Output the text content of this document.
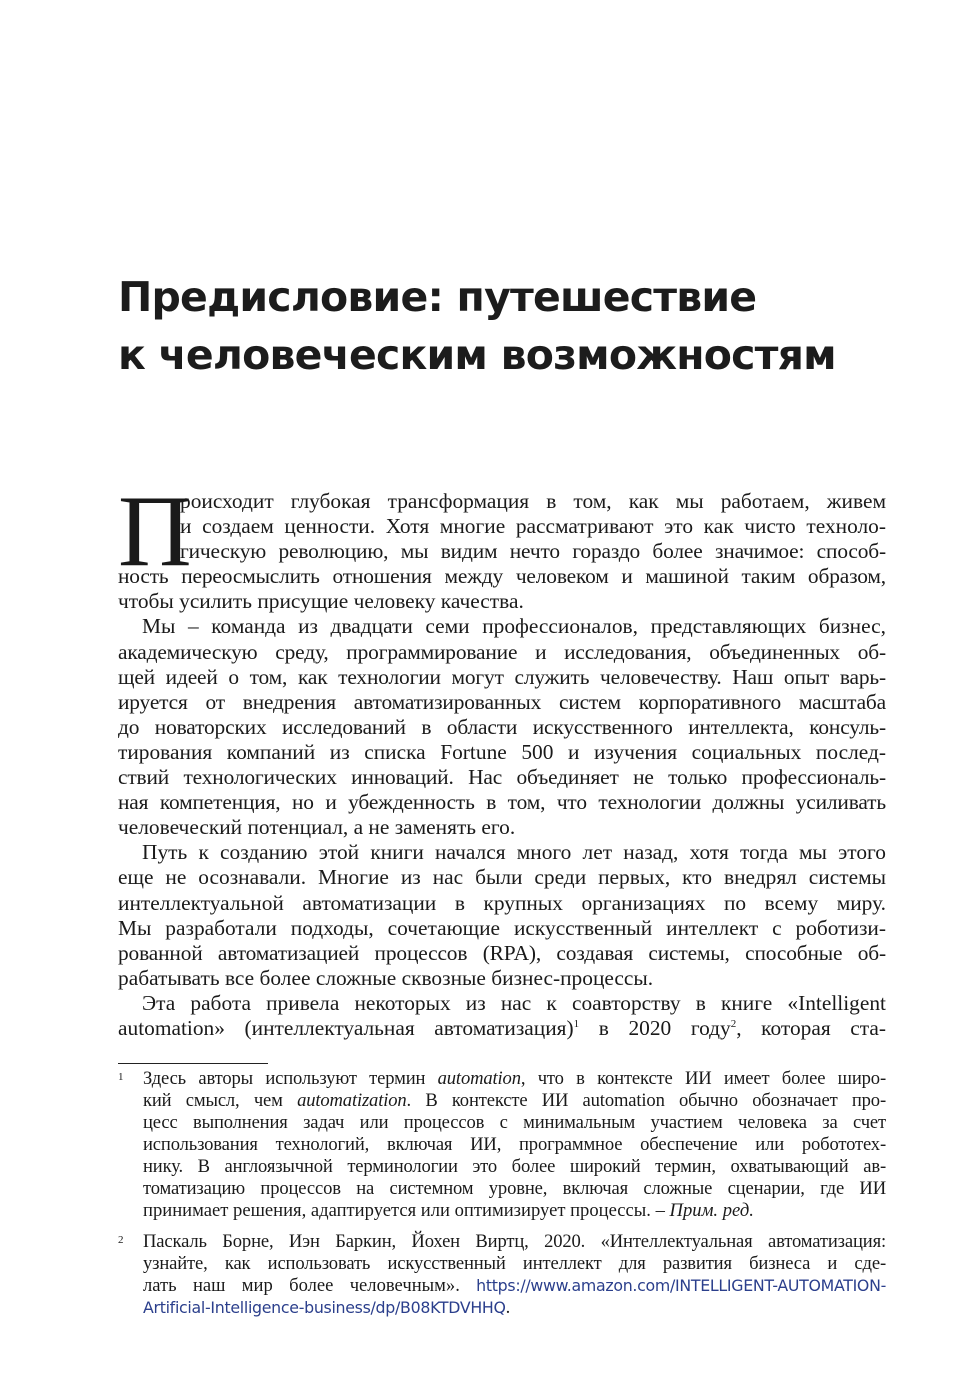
Предисловие: путешествие
к человеческим возможностям
П
роисходит глубокая трансформация в том, как мы работаем, живем
и создаем ценности. Хотя многие рассматривают это как чисто техноло-
гическую революцию, мы видим нечто гораздо более значимое: способ-
ность переосмыслить отношения между человеком и машиной таким образом,
чтобы усилить присущие человеку качества.
Мы – команда из двадцати семи профессионалов, представляющих бизнес,
академическую среду, программирование и исследования, объединенных об-
щей идеей о том, как технологии могут служить человечеству. Наш опыт варь-
ируется от внедрения автоматизированных систем корпоративного масштаба
до новаторских исследований в области искусственного интеллекта, консуль-
тирования компаний из списка Fortune 500 и изучения социальных послед-
ствий технологических инноваций. Нас объединяет не только профессиональ-
ная компетенция, но и убежденность в том, что технологии должны усиливать
человеческий потенциал, а не заменять его.
Путь к созданию этой книги начался много лет назад, хотя тогда мы этого
еще не осознавали. Многие из нас были среди первых, кто внедрял системы
интеллектуальной автоматизации в крупных организациях по всему миру.
Мы разработали подходы, сочетающие искусственный интеллект с роботизи-
рованной автоматизацией процессов (RPA), создавая системы, способные об-
рабатывать все более сложные сквозные бизнес-процессы.
Эта работа привела некоторых из нас к соавторству в книге «Intelligent
automation» (интеллектуальная автоматизация)$^1$ в 2020 году$^2$, которая ста-
1 Здесь авторы используют термин automation, что в контексте ИИ имеет более широ-
кий смысл, чем automatization. В контексте ИИ automation обычно обозначает про-
цесс выполнения задач или процессов с минимальным участием человека за счет
использования технологий, включая ИИ, программное обеспечение или робототех-
нику. В англоязычной терминологии это более широкий термин, охватывающий ав-
томатизацию процессов на системном уровне, включая сложные сценарии, где ИИ
принимает решения, адаптируется или оптимизирует процессы. – Прим. ред.
2 Паскаль Борне, Иэн Баркин, Йохен Виртц, 2020. «Интеллектуальная автоматизация:
узнайте, как использовать искусственный интеллект для развития бизнеса и сде-
лать наш мир более человечным». https://www.amazon.com/INTELLIGENT-AUTOMATION-
Artificial-Intelligence-business/dp/B08KTDVHHQ.
